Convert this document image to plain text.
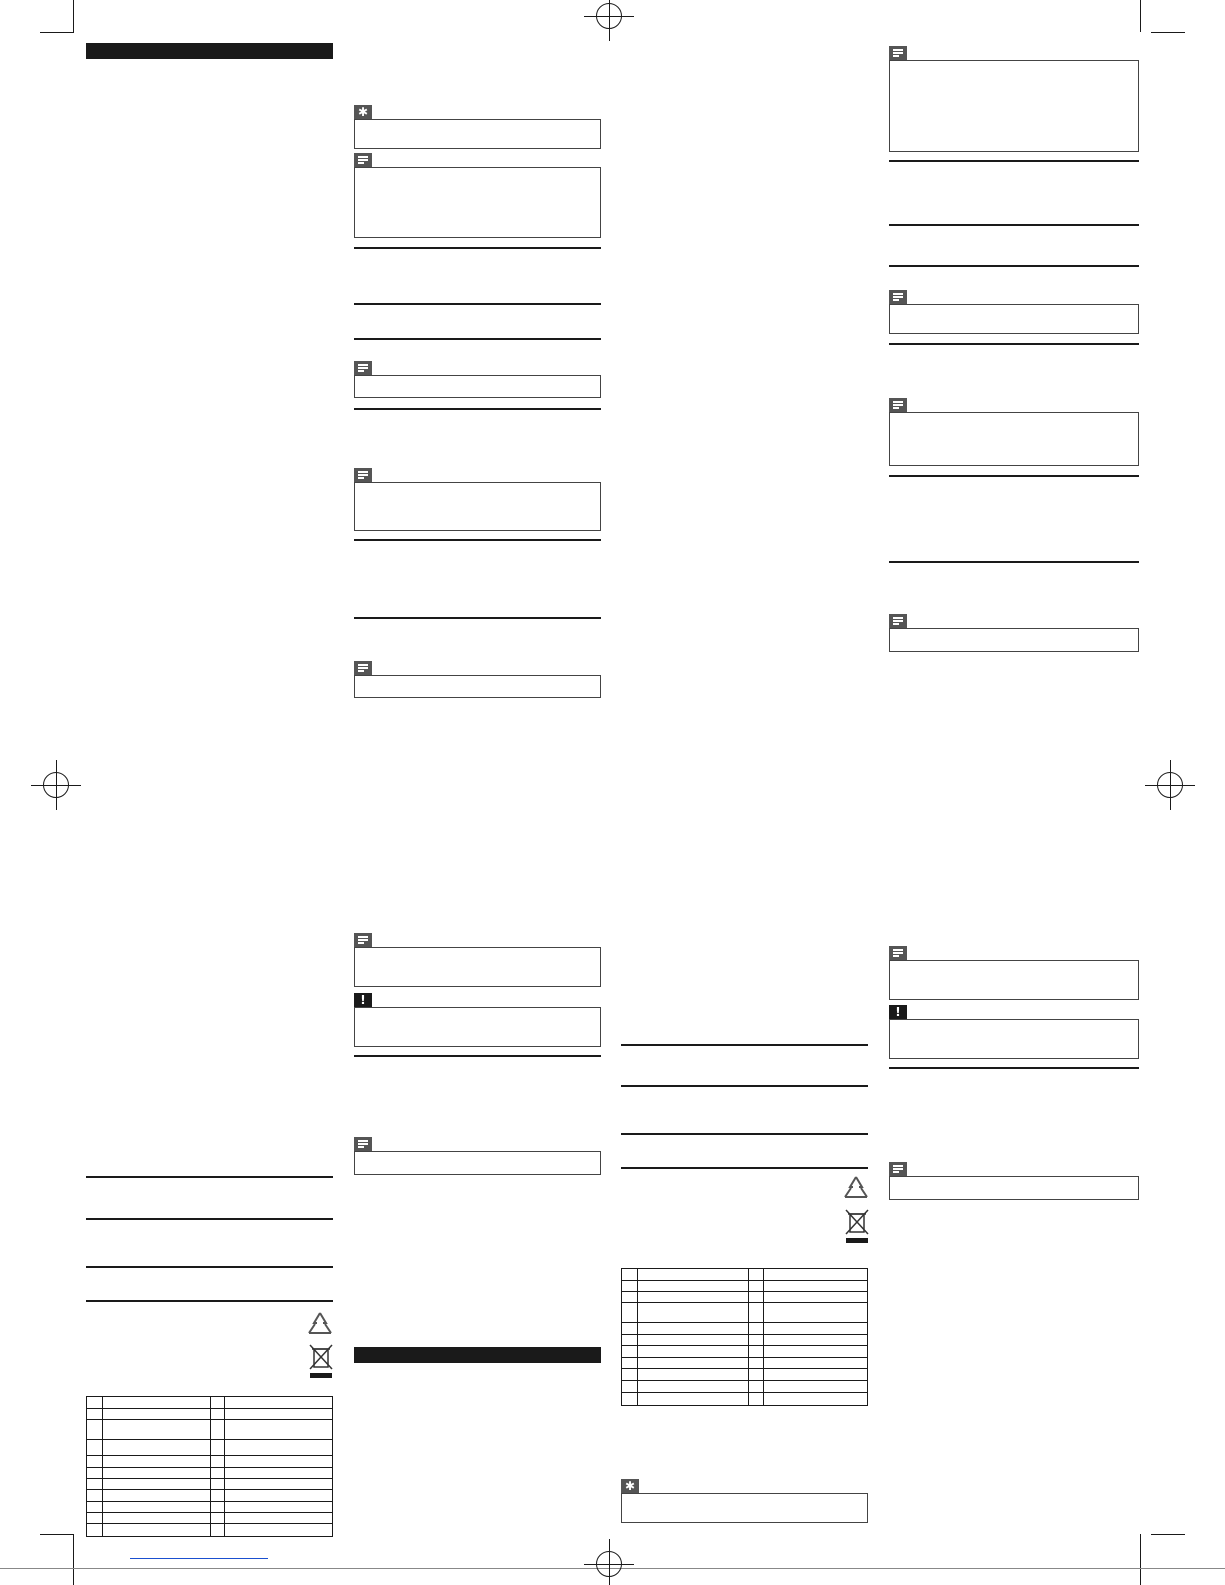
✱
!
✱
!
